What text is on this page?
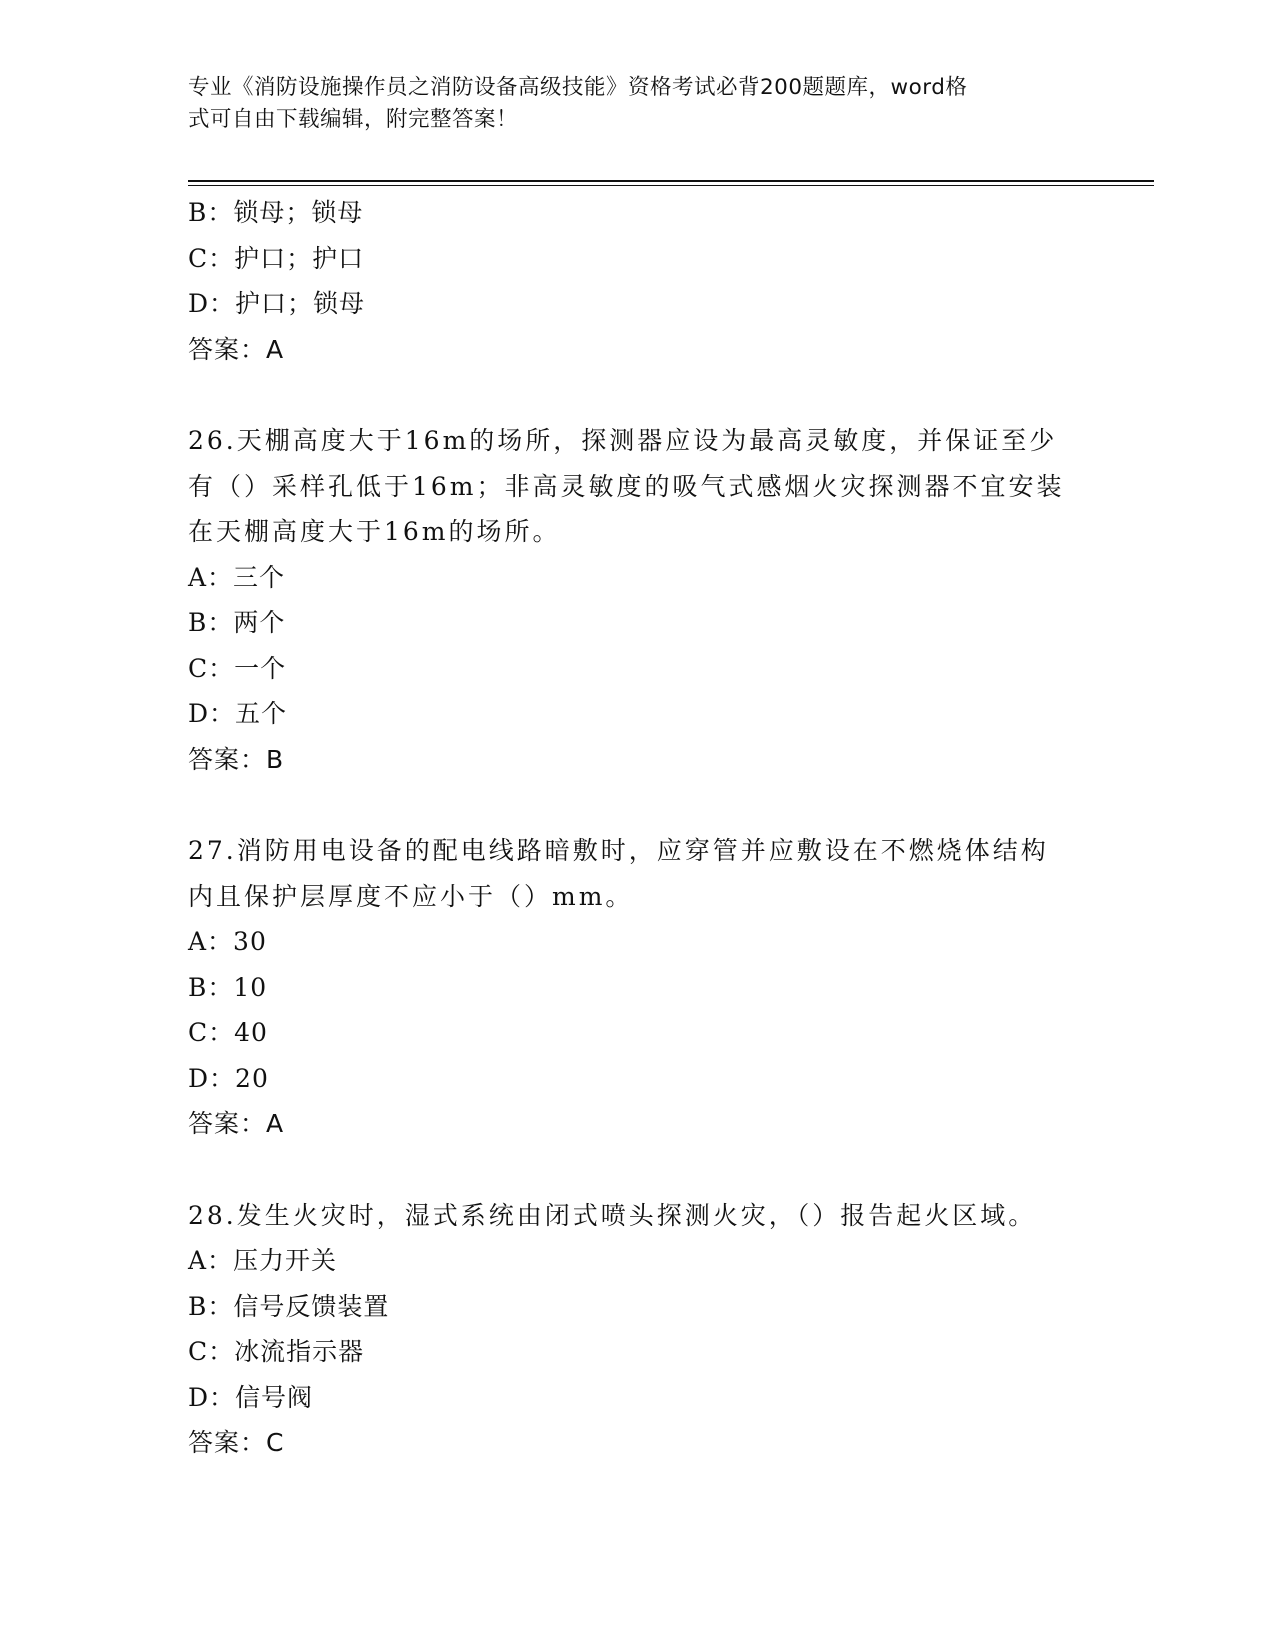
专业《消防设施操作员之消防设备高级技能》资格考试必背200题题库，word格
式可自由下载编辑，附完整答案！
B：锁母；锁母
C：护口；护口
D：护口；锁母
答案：A
26.天棚高度大于16m的场所，探测器应设为最高灵敏度，并保证至少
有（）采样孔低于16m；非高灵敏度的吸气式感烟火灾探测器不宜安装
在天棚高度大于16m的场所。
A：三个
B：两个
C：一个
D：五个
答案：B
27.消防用电设备的配电线路暗敷时，应穿管并应敷设在不燃烧体结构
内且保护层厚度不应小于（）mm。
A：30
B：10
C：40
D：20
答案：A
28.发生火灾时，湿式系统由闭式喷头探测火灾，（）报告起火区域。
A：压力开关
B：信号反馈装置
C：冰流指示器
D：信号阀
答案：C
